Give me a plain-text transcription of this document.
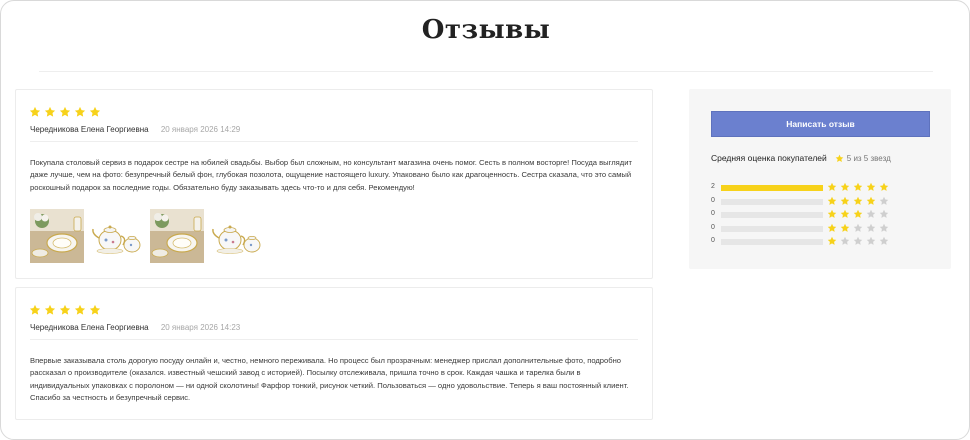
Отзывы
Чередникова Елена Георгиевна 20 января 2026 14:29

Покупала столовый сервиз в подарок сестре на юбилей свадьбы. Выбор был сложным, но консультант магазина очень помог. Сесть в полном восторге! Посуда выглядит даже лучше, чем на фото: безупречный белый фон, глубокая позолота, ощущение настоящего luxury. Упаковано было как драгоценность. Сестра сказала, что это самый роскошный подарок за последние годы. Обязательно буду заказывать здесь что-то и для себя. Рекомендую!

Чередникова Елена Георгиевна 20 января 2026 14:23

Впервые заказывала столь дорогую посуду онлайн и, честно, немного переживала. Но процесс был прозрачным: менеджер прислал дополнительные фото, подробно рассказал о производителе (оказался. известный чешский завод с историей). Посылку отслеживала, пришла точно в срок. Каждая чашка и тарелка были в индивидуальных упаковках с поролоном — ни одной сколотины! Фарфор тонкий, рисунок четкий. Пользоваться — одно удовольствие. Теперь я ваш постоянный клиент. Спасибо за честность и безупречный сервис.

Написать отзыв
Средняя оценка покупателей	5 из 5 звезд
2
0
0
0
0
